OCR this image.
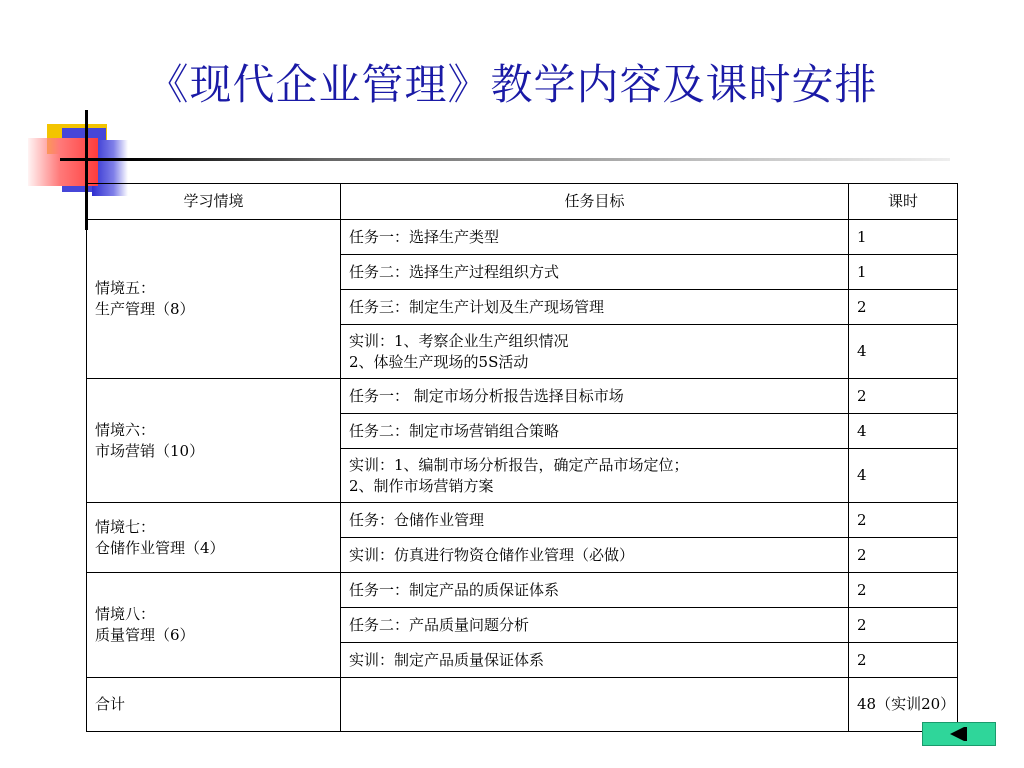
《现代企业管理》教学内容及课时安排
学习情境	任务目标	课时
情境五：
生产管理（8）	任务一：选择生产类型	1
	任务二：选择生产过程组织方式	1
	任务三：制定生产计划及生产现场管理	2
	实训：1、考察企业生产组织情况
2、体验生产现场的5S活动	4
情境六：
市场营销（10）	任务一： 制定市场分析报告选择目标市场	2
	任务二：制定市场营销组合策略	4
	实训：1、编制市场分析报告，确定产品市场定位；
2、制作市场营销方案	4
情境七：
仓储作业管理（4）	任务：仓储作业管理	2
	实训：仿真进行物资仓储作业管理（必做）	2
情境八：
质量管理（6）	任务一：制定产品的质保证体系	2
	任务二：产品质量问题分析	2
	实训：制定产品质量保证体系	2
合计		48（实训20）
